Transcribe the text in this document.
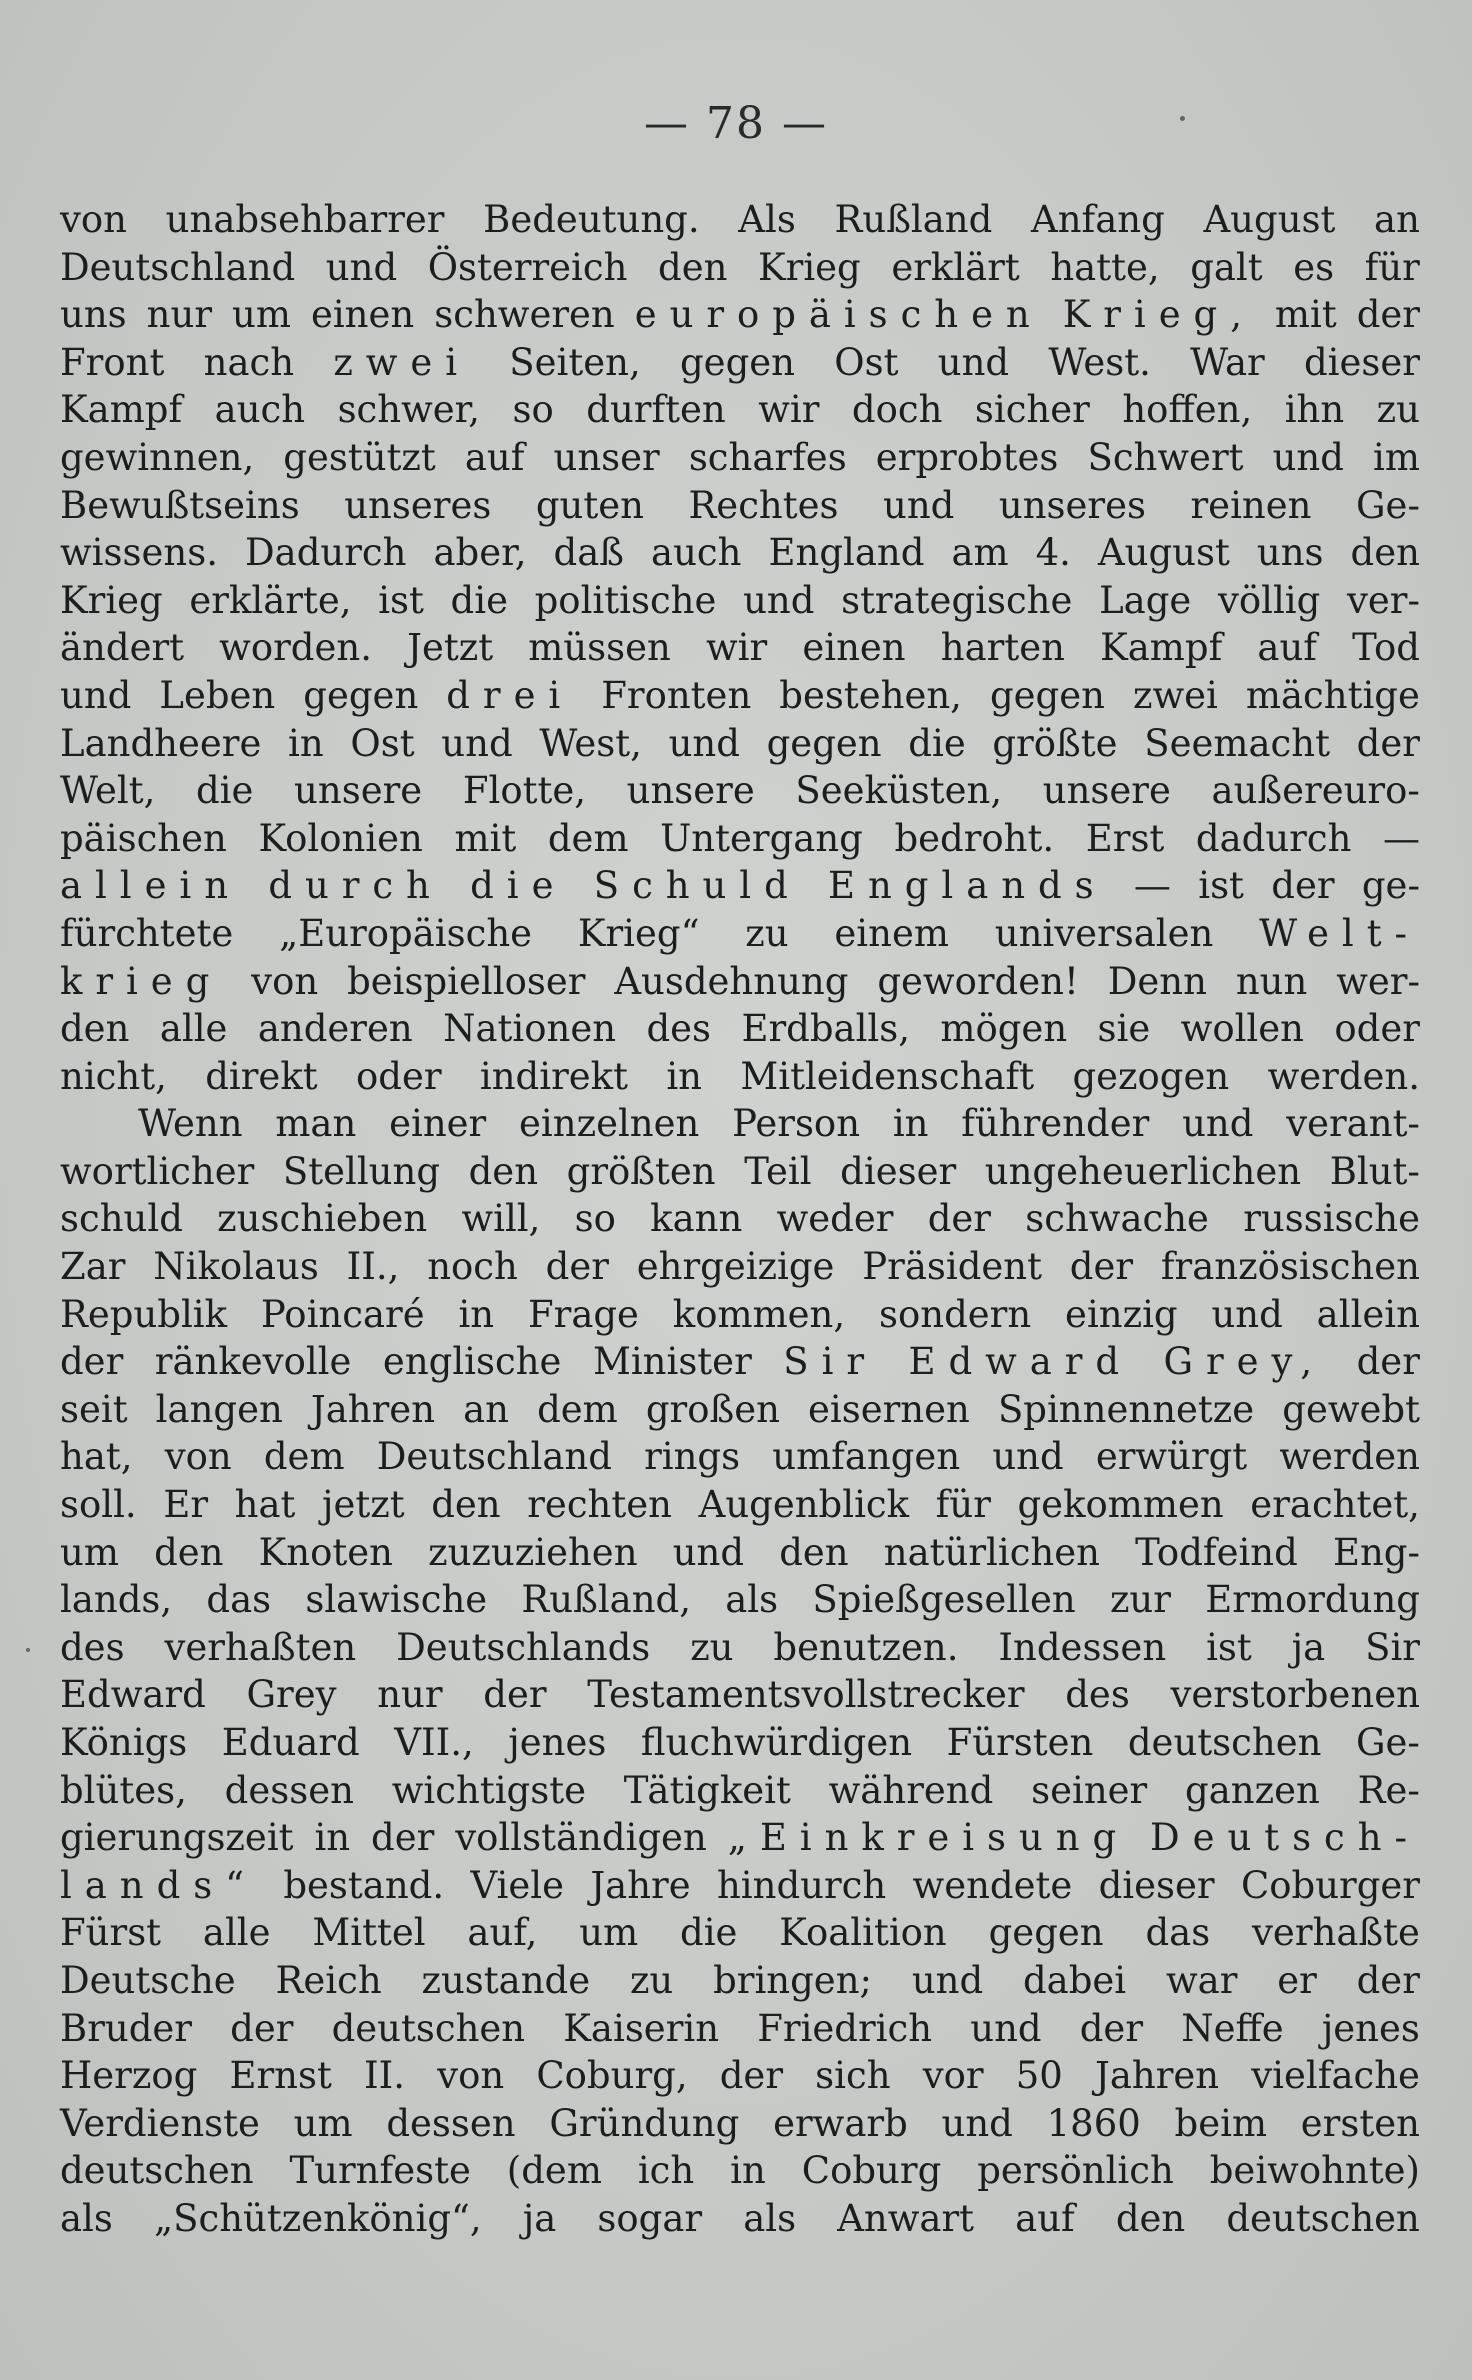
— 78 —
von unabsehbarrer Bedeutung. Als Rußland Anfang August an
Deutschland und Österreich den Krieg erklärt hatte, galt es für
uns nur um einen schweren europäischen Krieg, mit der
Front nach zwei Seiten, gegen Ost und West. War dieser
Kampf auch schwer, so durften wir doch sicher hoffen, ihn zu
gewinnen, gestützt auf unser scharfes erprobtes Schwert und im
Bewußtseins unseres guten Rechtes und unseres reinen Ge-
wissens. Dadurch aber, daß auch England am 4. August uns den
Krieg erklärte, ist die politische und strategische Lage völlig ver-
ändert worden. Jetzt müssen wir einen harten Kampf auf Tod
und Leben gegen drei Fronten bestehen, gegen zwei mächtige
Landheere in Ost und West, und gegen die größte Seemacht der
Welt, die unsere Flotte, unsere Seeküsten, unsere außereuro-
päischen Kolonien mit dem Untergang bedroht. Erst dadurch —
allein durch die Schuld Englands — ist der ge-
fürchtete „Europäische Krieg“ zu einem universalen Welt-
krieg von beispielloser Ausdehnung geworden! Denn nun wer-
den alle anderen Nationen des Erdballs, mögen sie wollen oder
nicht, direkt oder indirekt in Mitleidenschaft gezogen werden.
Wenn man einer einzelnen Person in führender und verant-
wortlicher Stellung den größten Teil dieser ungeheuerlichen Blut-
schuld zuschieben will, so kann weder der schwache russische
Zar Nikolaus II., noch der ehrgeizige Präsident der französischen
Republik Poincaré in Frage kommen, sondern einzig und allein
der ränkevolle englische Minister Sir Edward Grey, der
seit langen Jahren an dem großen eisernen Spinnennetze gewebt
hat, von dem Deutschland rings umfangen und erwürgt werden
soll. Er hat jetzt den rechten Augenblick für gekommen erachtet,
um den Knoten zuzuziehen und den natürlichen Todfeind Eng-
lands, das slawische Rußland, als Spießgesellen zur Ermordung
des verhaßten Deutschlands zu benutzen. Indessen ist ja Sir
Edward Grey nur der Testamentsvollstrecker des verstorbenen
Königs Eduard VII., jenes fluchwürdigen Fürsten deutschen Ge-
blütes, dessen wichtigste Tätigkeit während seiner ganzen Re-
gierungszeit in der vollständigen „Einkreisung Deutsch-
lands“ bestand. Viele Jahre hindurch wendete dieser Coburger
Fürst alle Mittel auf, um die Koalition gegen das verhaßte
Deutsche Reich zustande zu bringen; und dabei war er der
Bruder der deutschen Kaiserin Friedrich und der Neffe jenes
Herzog Ernst II. von Coburg, der sich vor 50 Jahren vielfache
Verdienste um dessen Gründung erwarb und 1860 beim ersten
deutschen Turnfeste (dem ich in Coburg persönlich beiwohnte)
als „Schützenkönig“, ja sogar als Anwart auf den deutschen
